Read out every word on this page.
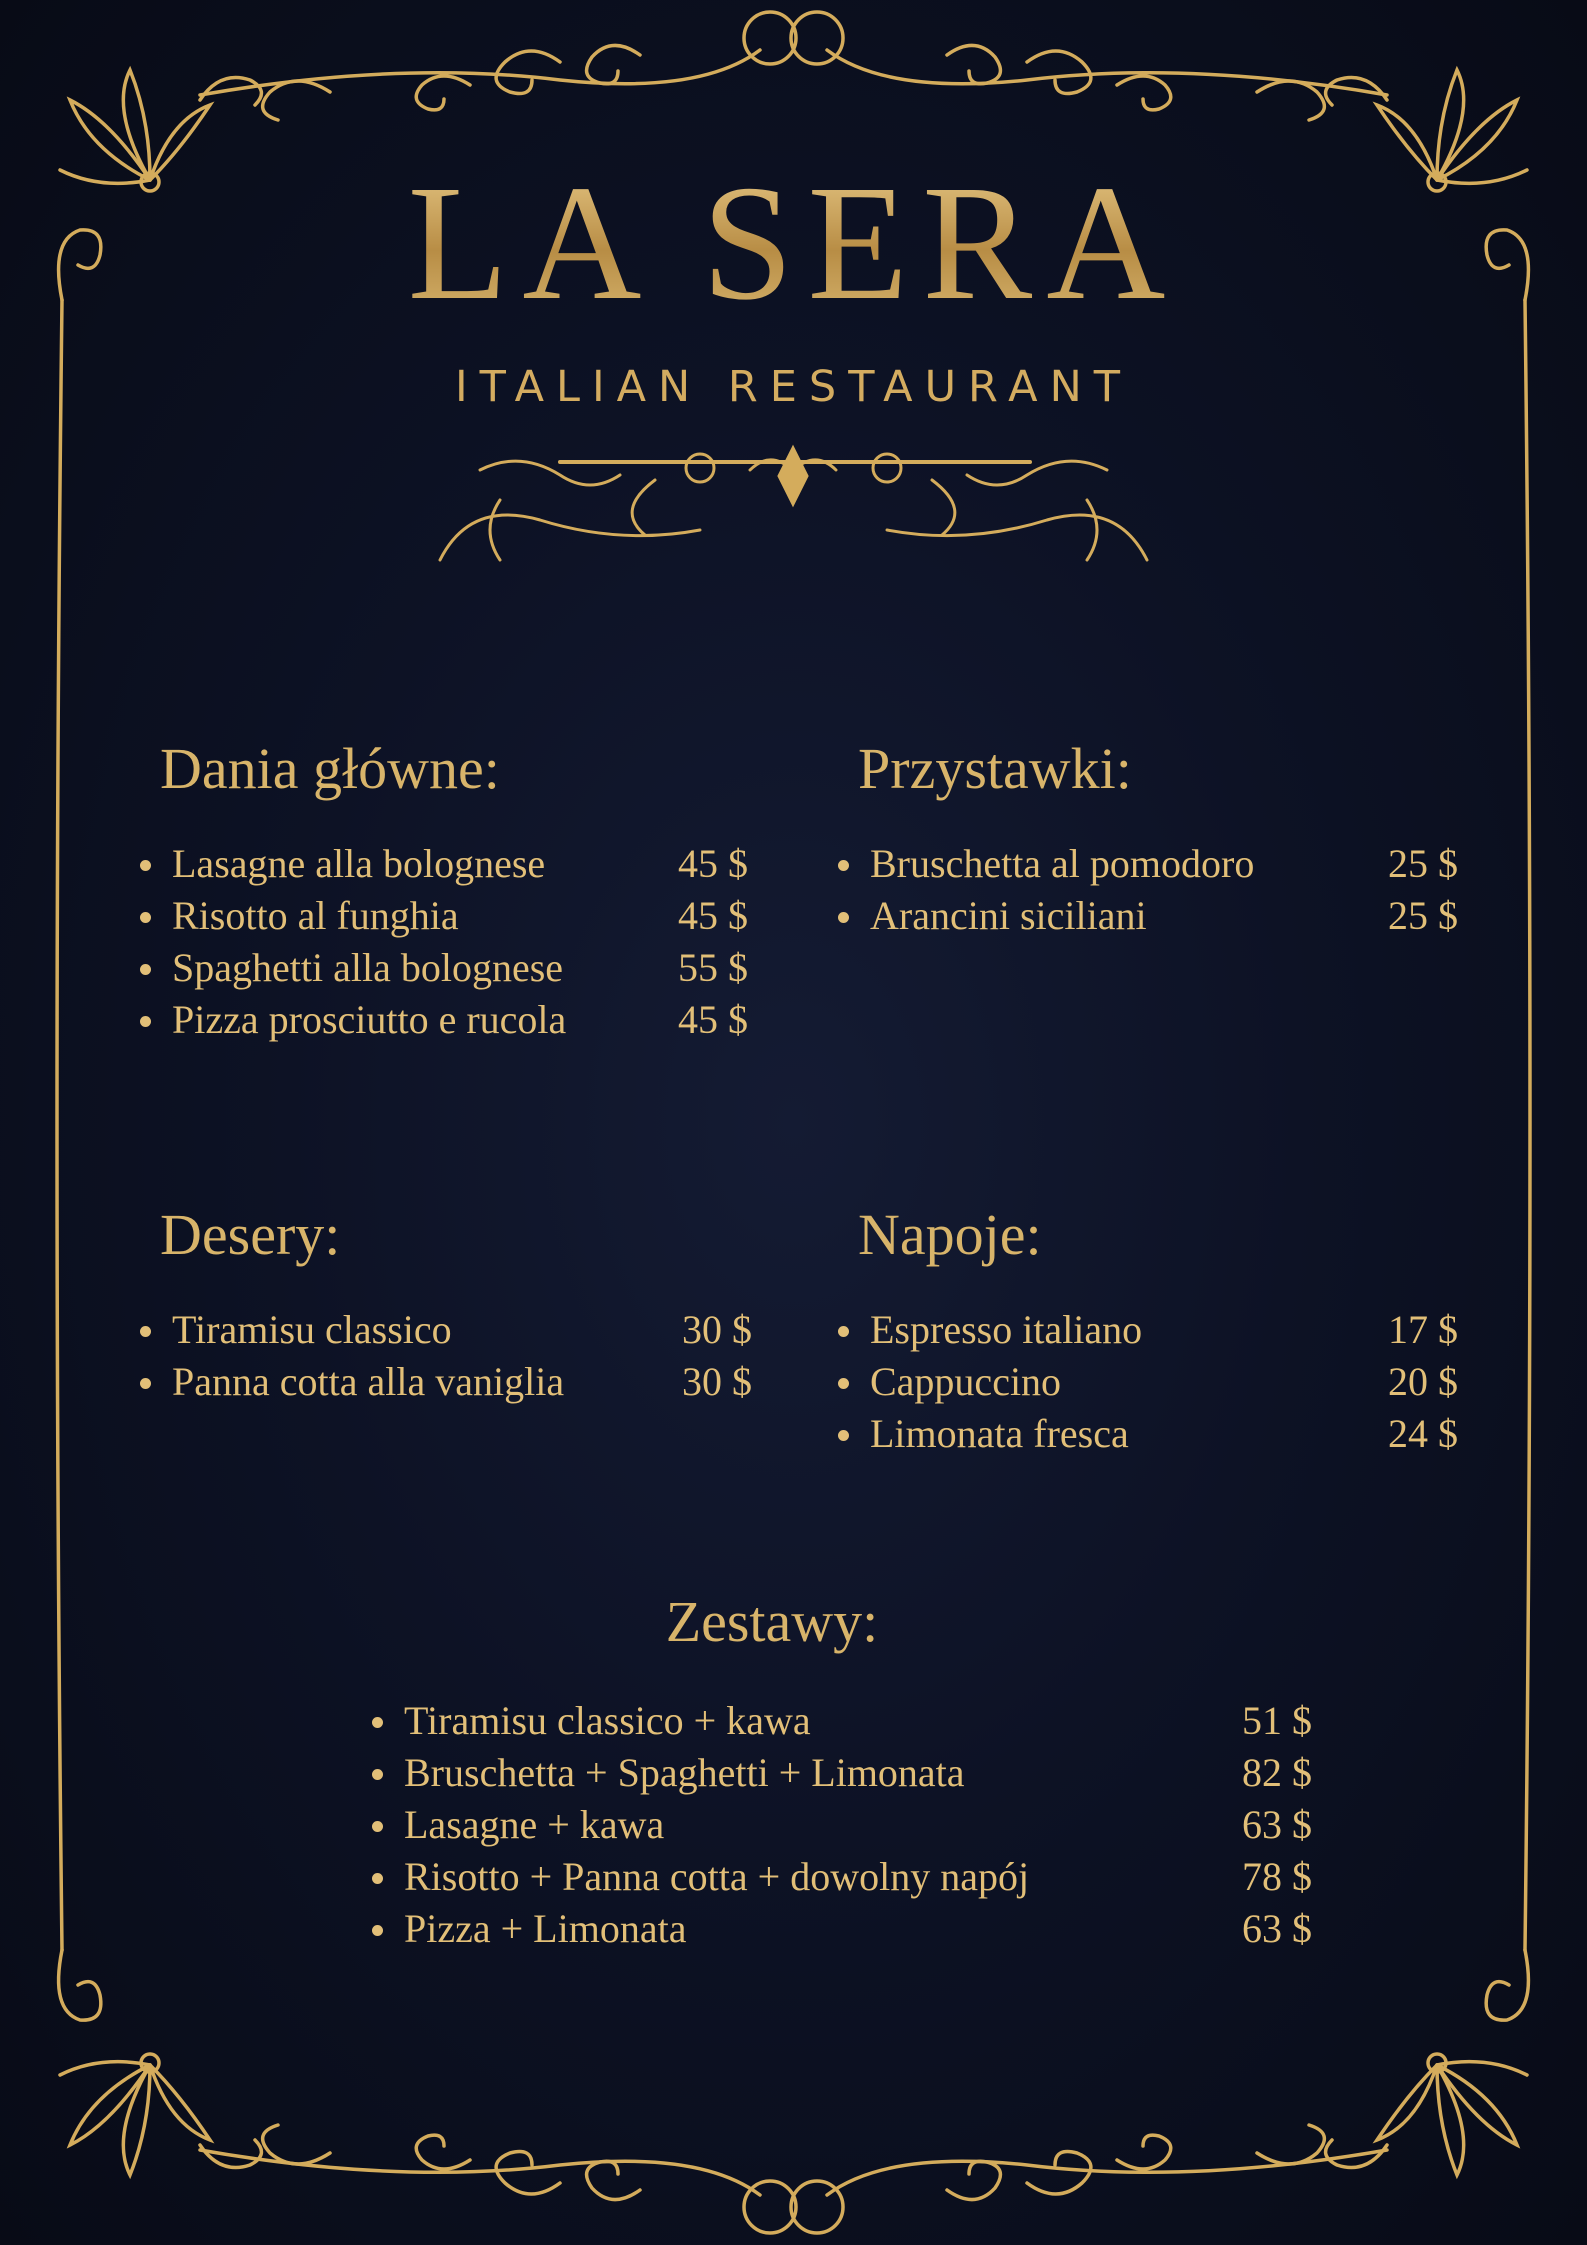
LA SERA
ITALIAN RESTAURANT
Dania główne:
Lasagne alla bolognese	45 $
Risotto al funghia	45 $
Spaghetti alla bolognese	55 $
Pizza prosciutto e rucola	45 $
Przystawki:
Bruschetta al pomodoro	25 $
Arancini siciliani	25 $
Desery:
Tiramisu classico	30 $
Panna cotta alla vaniglia	30 $
Napoje:
Espresso italiano	17 $
Cappuccino	20 $
Limonata fresca	24 $
Zestawy:
Tiramisu classico + kawa	51 $
Bruschetta + Spaghetti + Limonata	82 $
Lasagne + kawa	63 $
Risotto + Panna cotta + dowolny napój	78 $
Pizza + Limonata	63 $
